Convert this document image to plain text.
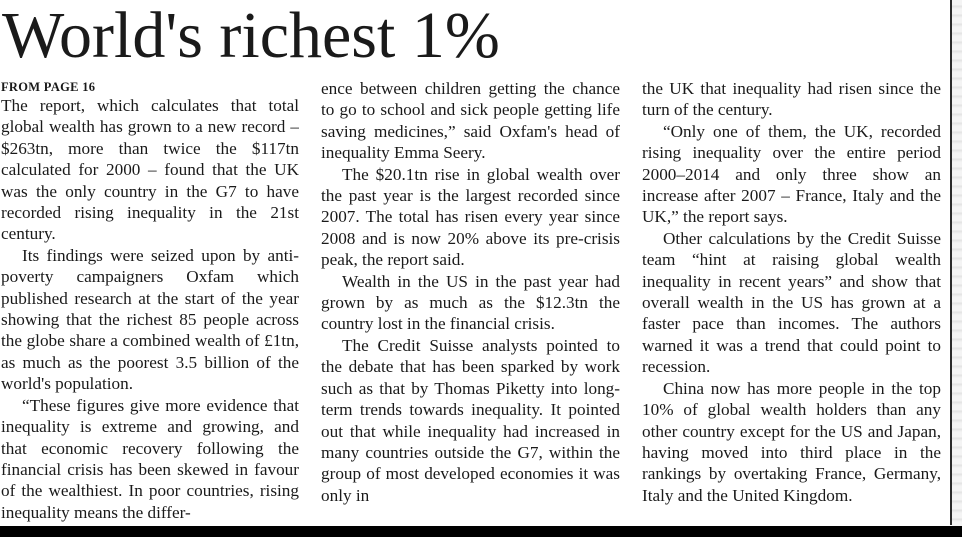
World's richest 1%
FROM PAGE 16

The report, which calculates that total global wealth has grown to a new record – $263tn, more than twice the $117tn calculated for 2000 – found that the UK was the only country in the G7 to have recorded rising inequality in the 21st century.

Its findings were seized upon by anti-poverty campaigners Oxfam which published research at the start of the year showing that the richest 85 people across the globe share a combined wealth of £1tn, as much as the poorest 3.5 billion of the world's population.

“These figures give more evidence that inequality is extreme and growing, and that economic recovery following the financial crisis has been skewed in favour of the wealthiest. In poor countries, rising inequality means the differ-

ence between children getting the chance to go to school and sick people getting life saving medicines,” said Oxfam's head of inequality Emma Seery.

The $20.1tn rise in global wealth over the past year is the largest recorded since 2007. The total has risen every year since 2008 and is now 20% above its pre-crisis peak, the report said.

Wealth in the US in the past year had grown by as much as the $12.3tn the country lost in the financial crisis.

The Credit Suisse analysts pointed to the debate that has been sparked by work such as that by Thomas Piketty into long-term trends towards inequality. It pointed out that while inequality had increased in many countries outside the G7, within the group of most developed economies it was only in

the UK that inequality had risen since the turn of the century.

“Only one of them, the UK, recorded rising inequality over the entire period 2000–2014 and only three show an increase after 2007 – France, Italy and the UK,” the report says.

Other calculations by the Credit Suisse team “hint at raising global wealth inequality in recent years” and show that overall wealth in the US has grown at a faster pace than incomes. The authors warned it was a trend that could point to recession.

China now has more people in the top 10% of global wealth holders than any other country except for the US and Japan, having moved into third place in the rankings by overtaking France, Germany, Italy and the United Kingdom.
